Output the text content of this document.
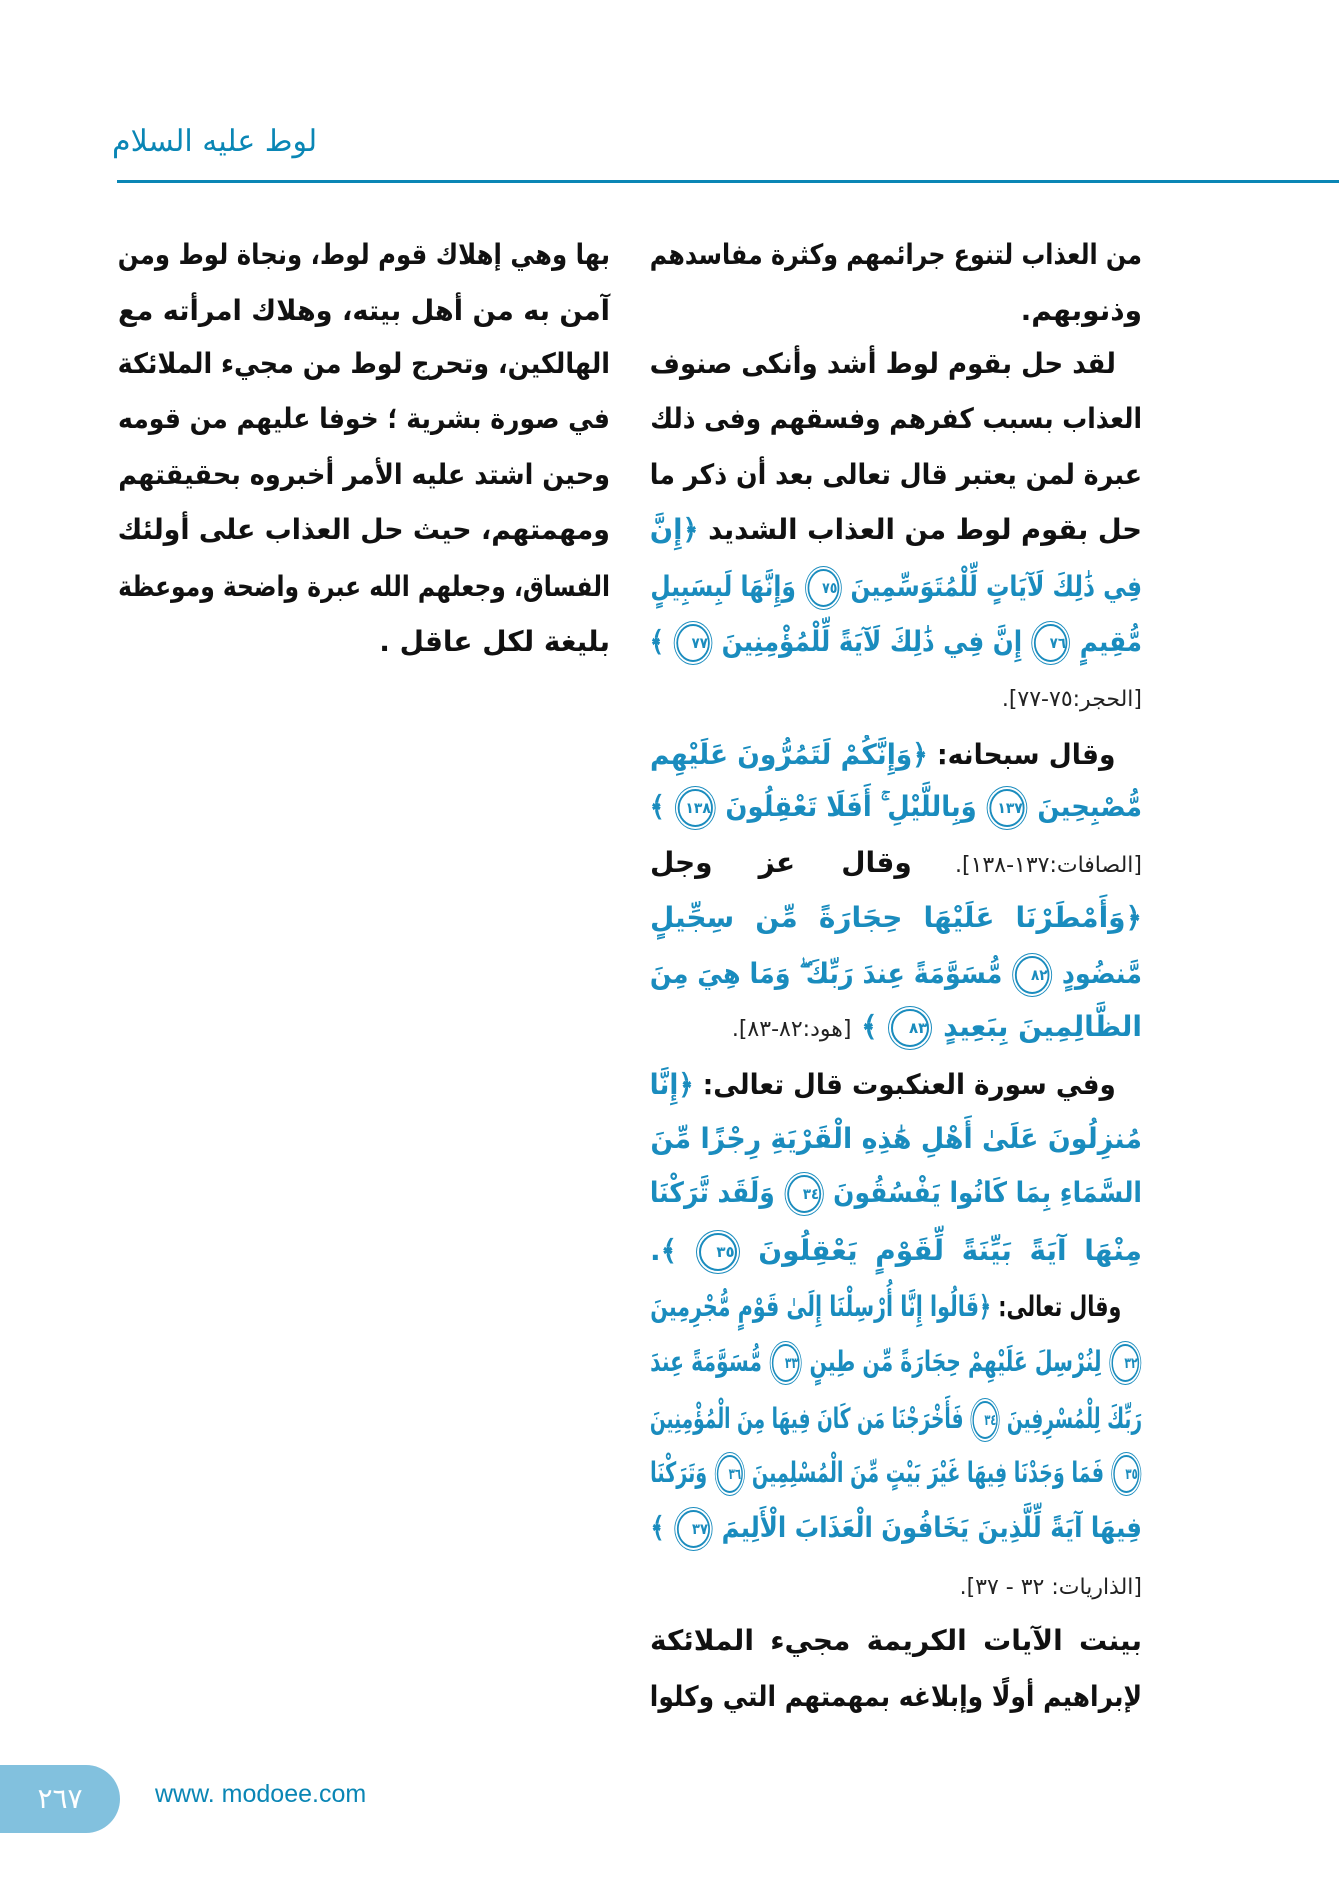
لوط عليه السلام
من العذاب لتنوع جرائمهم وكثرة مفاسدهم
وذنوبهم.
لقد حل بقوم لوط أشد وأنكى صنوف
العذاب بسبب كفرهم وفسقهم وفى ذلك
عبرة لمن يعتبر قال تعالى بعد أن ذكر ما
حل بقوم لوط من العذاب الشديد ﴿إِنَّ
فِي ذَٰلِكَ لَآيَاتٍ لِّلْمُتَوَسِّمِينَ ٧٥ وَإِنَّهَا لَبِسَبِيلٍ
مُّقِيمٍ ٧٦ إِنَّ فِي ذَٰلِكَ لَآيَةً لِّلْمُؤْمِنِينَ ٧٧ ﴾
[الحجر:٧٥-٧٧].
وقال سبحانه: ﴿وَإِنَّكُمْ لَتَمُرُّونَ عَلَيْهِم
مُّصْبِحِينَ ١٣٧ وَبِاللَّيْلِ ۚ أَفَلَا تَعْقِلُونَ ١٣٨ ﴾
[الصافات:١٣٧-١٣٨]. وقال عز وجل
﴿وَأَمْطَرْنَا عَلَيْهَا حِجَارَةً مِّن سِجِّيلٍ
مَّنضُودٍ ٨٢ مُّسَوَّمَةً عِندَ رَبِّكَ ۖ وَمَا هِيَ مِنَ
الظَّالِمِينَ بِبَعِيدٍ ٨٣ ﴾ [هود:٨٢-٨٣].
وفي سورة العنكبوت قال تعالى: ﴿إِنَّا
مُنزِلُونَ عَلَىٰ أَهْلِ هَٰذِهِ الْقَرْيَةِ رِجْزًا مِّنَ
السَّمَاءِ بِمَا كَانُوا يَفْسُقُونَ ٣٤ وَلَقَد تَّرَكْنَا
مِنْهَا آيَةً بَيِّنَةً لِّقَوْمٍ يَعْقِلُونَ ٣٥ ﴾.
وقال تعالى: ﴿قَالُوا إِنَّا أُرْسِلْنَا إِلَىٰ قَوْمٍ مُّجْرِمِينَ
٣٢ لِنُرْسِلَ عَلَيْهِمْ حِجَارَةً مِّن طِينٍ ٣٣ مُّسَوَّمَةً عِندَ
رَبِّكَ لِلْمُسْرِفِينَ ٣٤ فَأَخْرَجْنَا مَن كَانَ فِيهَا مِنَ الْمُؤْمِنِينَ
٣٥ فَمَا وَجَدْنَا فِيهَا غَيْرَ بَيْتٍ مِّنَ الْمُسْلِمِينَ ٣٦ وَتَرَكْنَا
فِيهَا آيَةً لِّلَّذِينَ يَخَافُونَ الْعَذَابَ الْأَلِيمَ ٣٧ ﴾
[الذاريات: ٣٢ - ٣٧].
بينت الآيات الكريمة مجيء الملائكة
لإبراهيم أولًا وإبلاغه بمهمتهم التي وكلوا
بها وهي إهلاك قوم لوط، ونجاة لوط ومن
آمن به من أهل بيته، وهلاك امرأته مع
الهالكين، وتحرج لوط من مجيء الملائكة
في صورة بشرية ؛ خوفا عليهم من قومه
وحين اشتد عليه الأمر أخبروه بحقيقتهم
ومهمتهم، حيث حل العذاب على أولئك
الفساق، وجعلهم الله عبرة واضحة وموعظة
بليغة لكل عاقل .
٢٦٧	www. modoee.com
